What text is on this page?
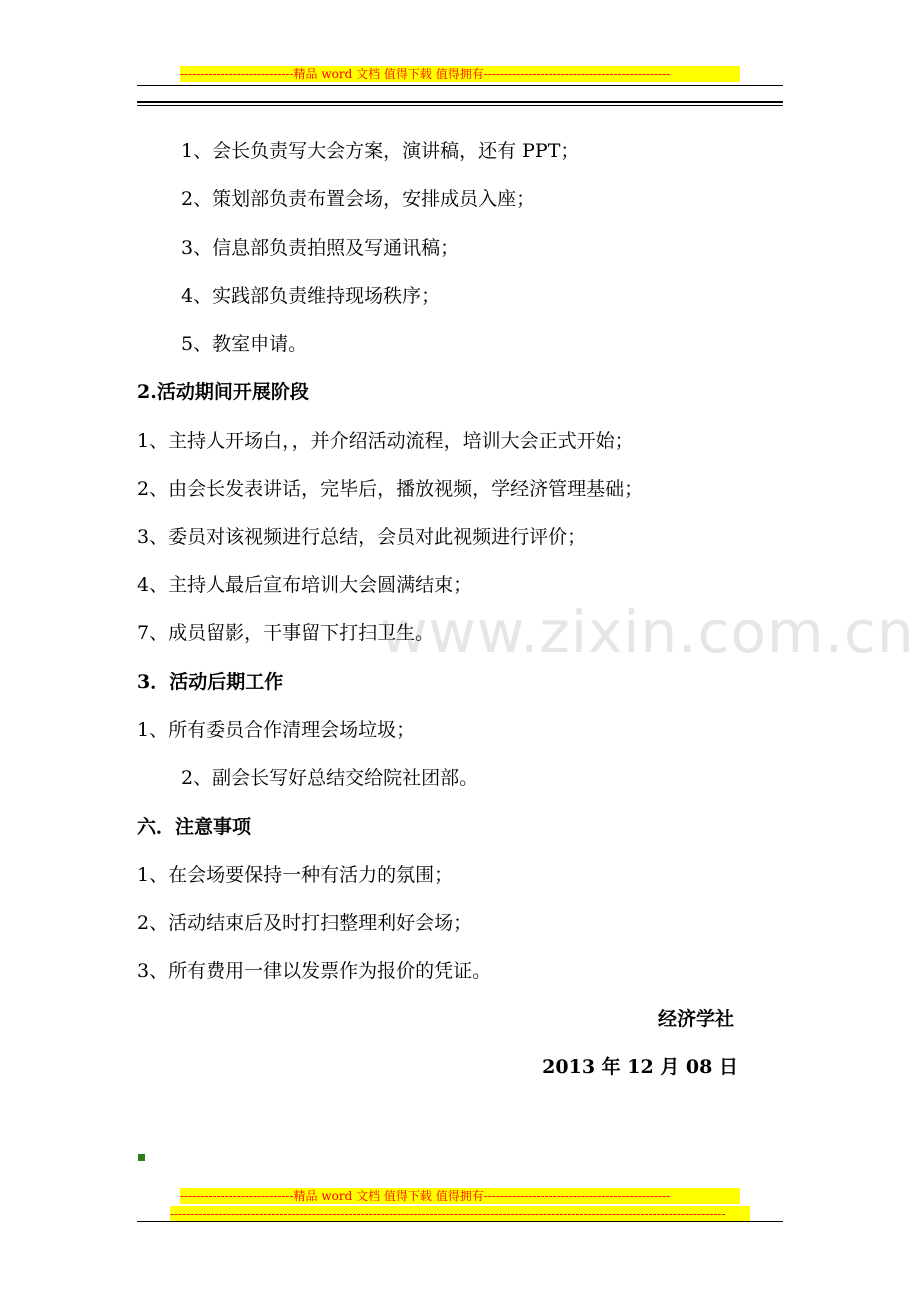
----------------------------精品 word 文档 值得下载 值得拥有----------------------------------------------
www.zixin.com.cn
1、会长负责写大会方案，演讲稿，还有 PPT；
2、策划部负责布置会场，安排成员入座；
3、信息部负责拍照及写通讯稿；
4、实践部负责维持现场秩序；
5、教室申请。
2.活动期间开展阶段
1、主持人开场白，，并介绍活动流程，培训大会正式开始；
2、由会长发表讲话，完毕后，播放视频，学经济管理基础；
3、委员对该视频进行总结，会员对此视频进行评价；
4、主持人最后宣布培训大会圆满结束；
7、成员留影，干事留下打扫卫生。
3．活动后期工作
1、所有委员合作清理会场垃圾；
2、副会长写好总结交给院社团部。
六．注意事项
1、在会场要保持一种有活力的氛围；
2、活动结束后及时打扫整理利好会场；
3、所有费用一律以发票作为报价的凭证。
经济学社
2013 年 12 月 08 日
----------------------------精品 word 文档 值得下载 值得拥有----------------------------------------------
-----------------------------------------------------------------------------------------------------------------------------------------
